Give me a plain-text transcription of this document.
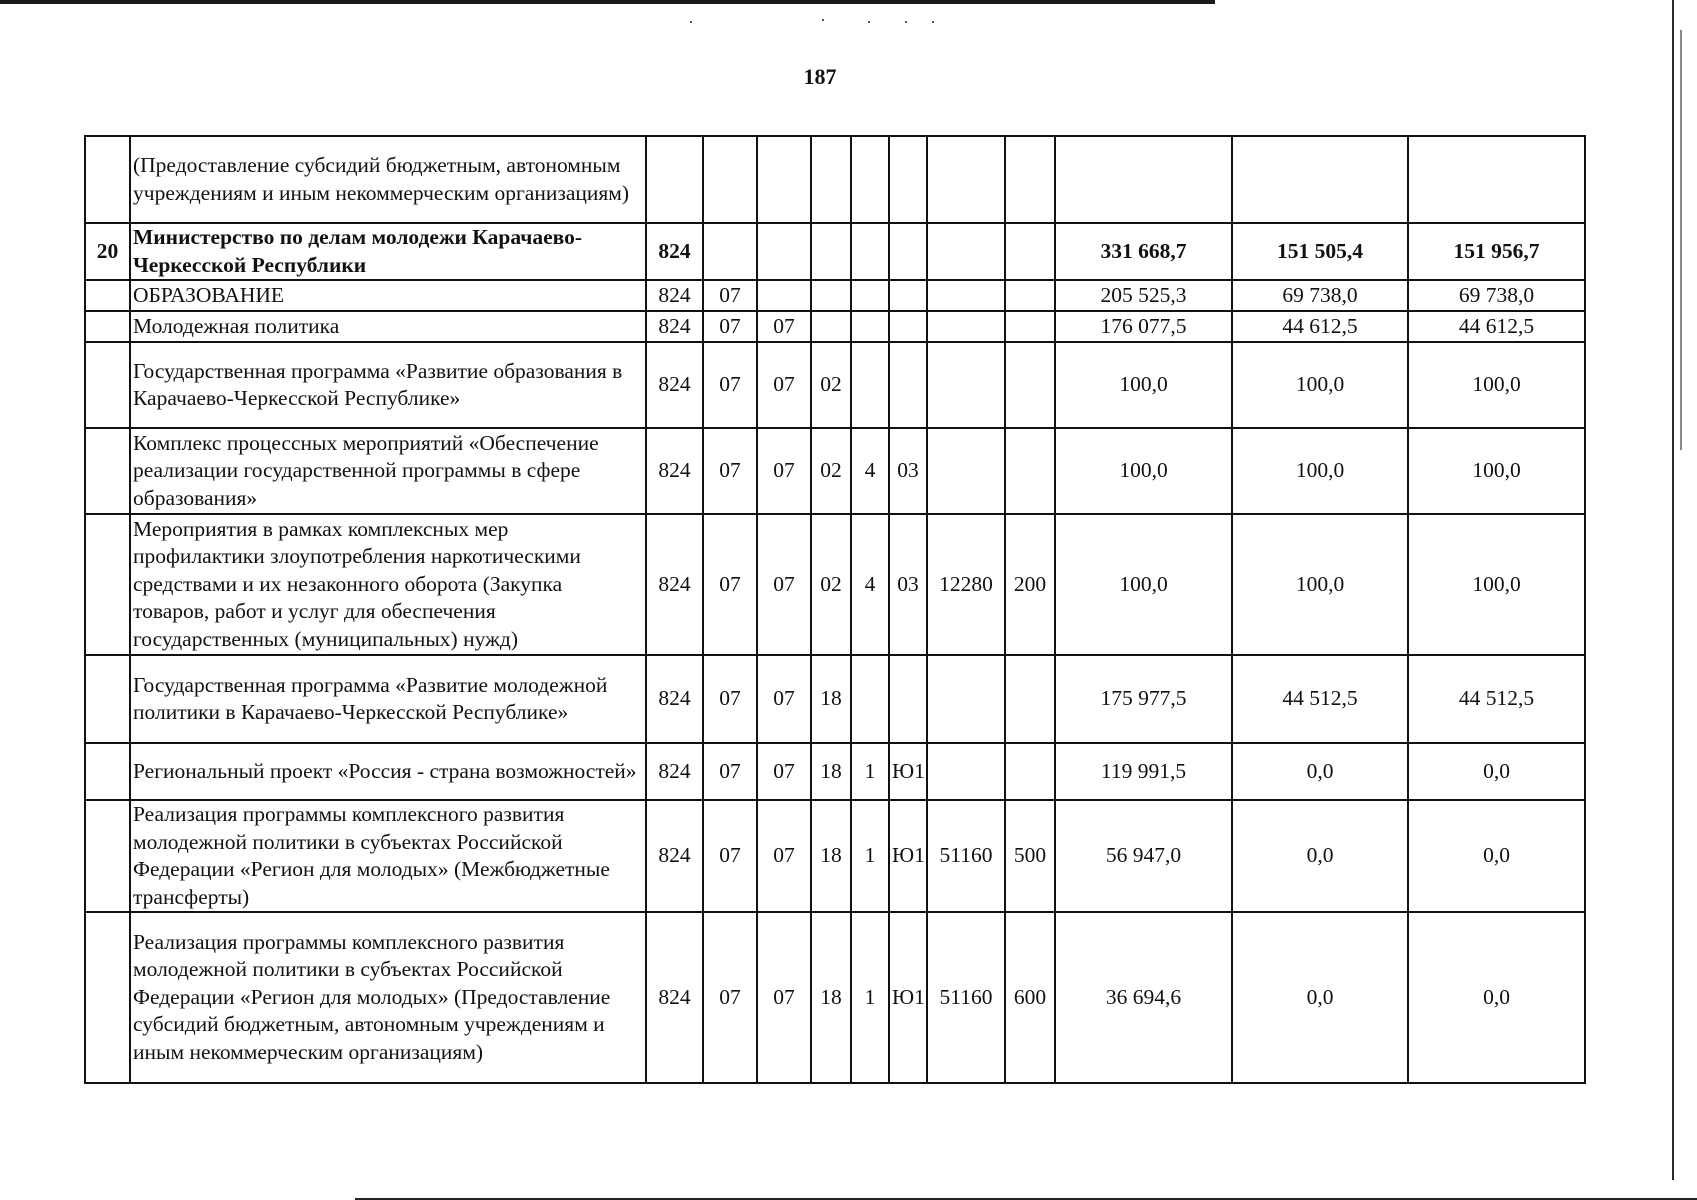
187
	(Предоставление субсидий бюджетным, автономным учреждениям и иным некоммерческим организациям)											
20	Министерство по делам молодежи Карачаево-Черкесской Республики	824								331 668,7	151 505,4	151 956,7
	ОБРАЗОВАНИЕ	824	07							205 525,3	69 738,0	69 738,0
	Молодежная политика	824	07	07						176 077,5	44 612,5	44 612,5
	Государственная программа «Развитие образования в Карачаево-Черкесской Республике»	824	07	07	02					100,0	100,0	100,0
	Комплекс процессных мероприятий «Обеспечение реализации государственной программы в сфере образования»	824	07	07	02	4	03			100,0	100,0	100,0
	Мероприятия в рамках комплексных мер профилактики злоупотребления наркотическими средствами и их незаконного оборота (Закупка товаров, работ и услуг для обеспечения государственных (муниципальных) нужд)	824	07	07	02	4	03	12280	200	100,0	100,0	100,0
	Государственная программа «Развитие молодежной политики в Карачаево-Черкесской Республике»	824	07	07	18					175 977,5	44 512,5	44 512,5
	Региональный проект «Россия - страна возможностей»	824	07	07	18	1	Ю1			119 991,5	0,0	0,0
	Реализация программы комплексного развития молодежной политики в субъектах Российской Федерации «Регион для молодых» (Межбюджетные трансферты)	824	07	07	18	1	Ю1	51160	500	56 947,0	0,0	0,0
	Реализация программы комплексного развития молодежной политики в субъектах Российской Федерации «Регион для молодых» (Предоставление субсидий бюджетным, автономным учреждениям и иным некоммерческим организациям)	824	07	07	18	1	Ю1	51160	600	36 694,6	0,0	0,0
